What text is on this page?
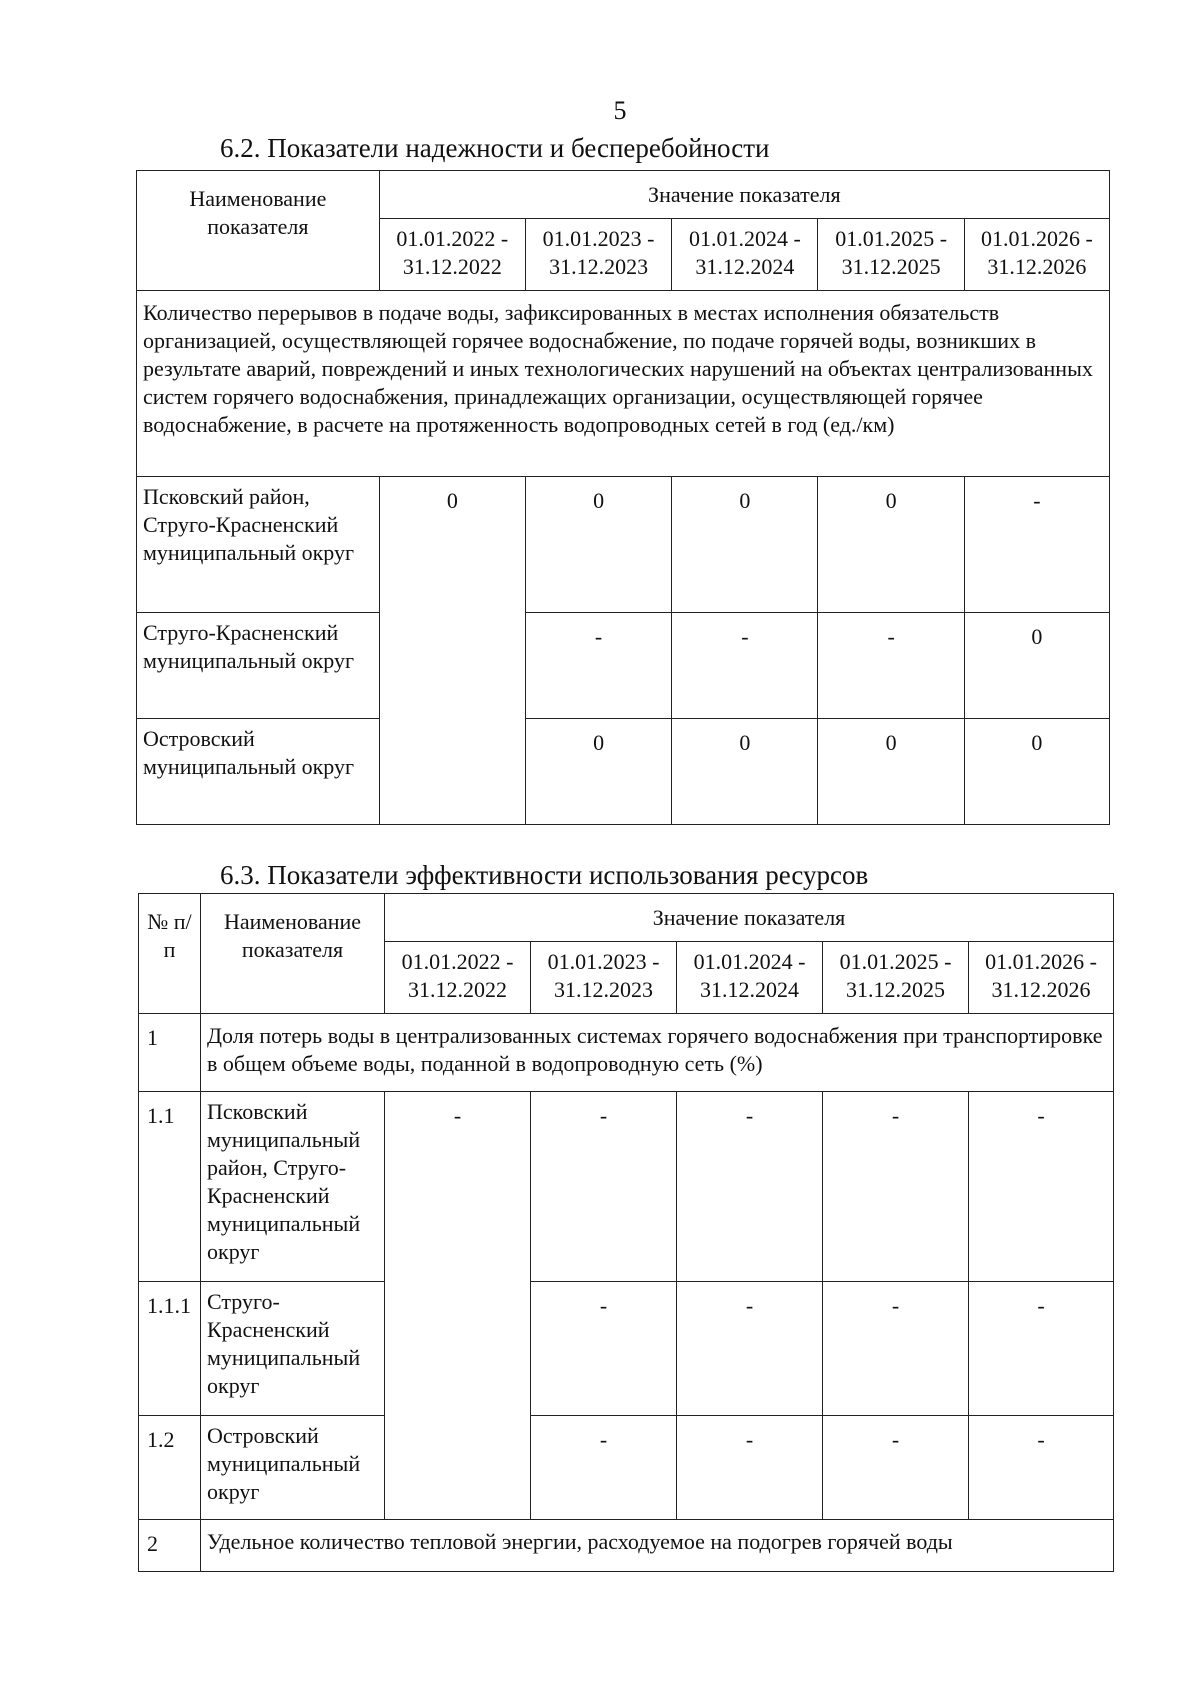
5
6.2. Показатели надежности и бесперебойности
Наименование показателя	Значение показателя				
	01.01.2022 - 31.12.2022	01.01.2023 - 31.12.2023	01.01.2024 - 31.12.2024	01.01.2025 - 31.12.2025	01.01.2026 - 31.12.2026
Количество перерывов в подаче воды, зафиксированных в местах исполнения обязательств организацией, осуществляющей горячее водоснабжение, по подаче горячей воды, возникших в результате аварий, повреждений и иных технологических нарушений на объектах централизованных систем горячего водоснабжения, принадлежащих организации, осуществляющей горячее водоснабжение, в расчете на протяженность водопроводных сетей в год (ед./км)					
Псковский район, Струго-Красненский муниципальный округ	0	0	0	0	-
Струго-Красненский муниципальный округ		-	-	-	0
Островский муниципальный округ		0	0	0	0
6.3. Показатели эффективности использования ресурсов
№ п/п	Наименование показателя	Значение показателя				
		01.01.2022 - 31.12.2022	01.01.2023 - 31.12.2023	01.01.2024 - 31.12.2024	01.01.2025 - 31.12.2025	01.01.2026 - 31.12.2026
1	Доля потерь воды в централизованных системах горячего водоснабжения при транспортировке в общем объеме воды, поданной в водопроводную сеть (%)					
1.1	Псковский муниципальный район, Струго-Красненский муниципальный округ	-	-	-	-	-
1.1.1	Струго-Красненский муниципальный округ		-	-	-	-
1.2	Островский муниципальный округ		-	-	-	-
2	Удельное количество тепловой энергии, расходуемое на подогрев горячей воды					
